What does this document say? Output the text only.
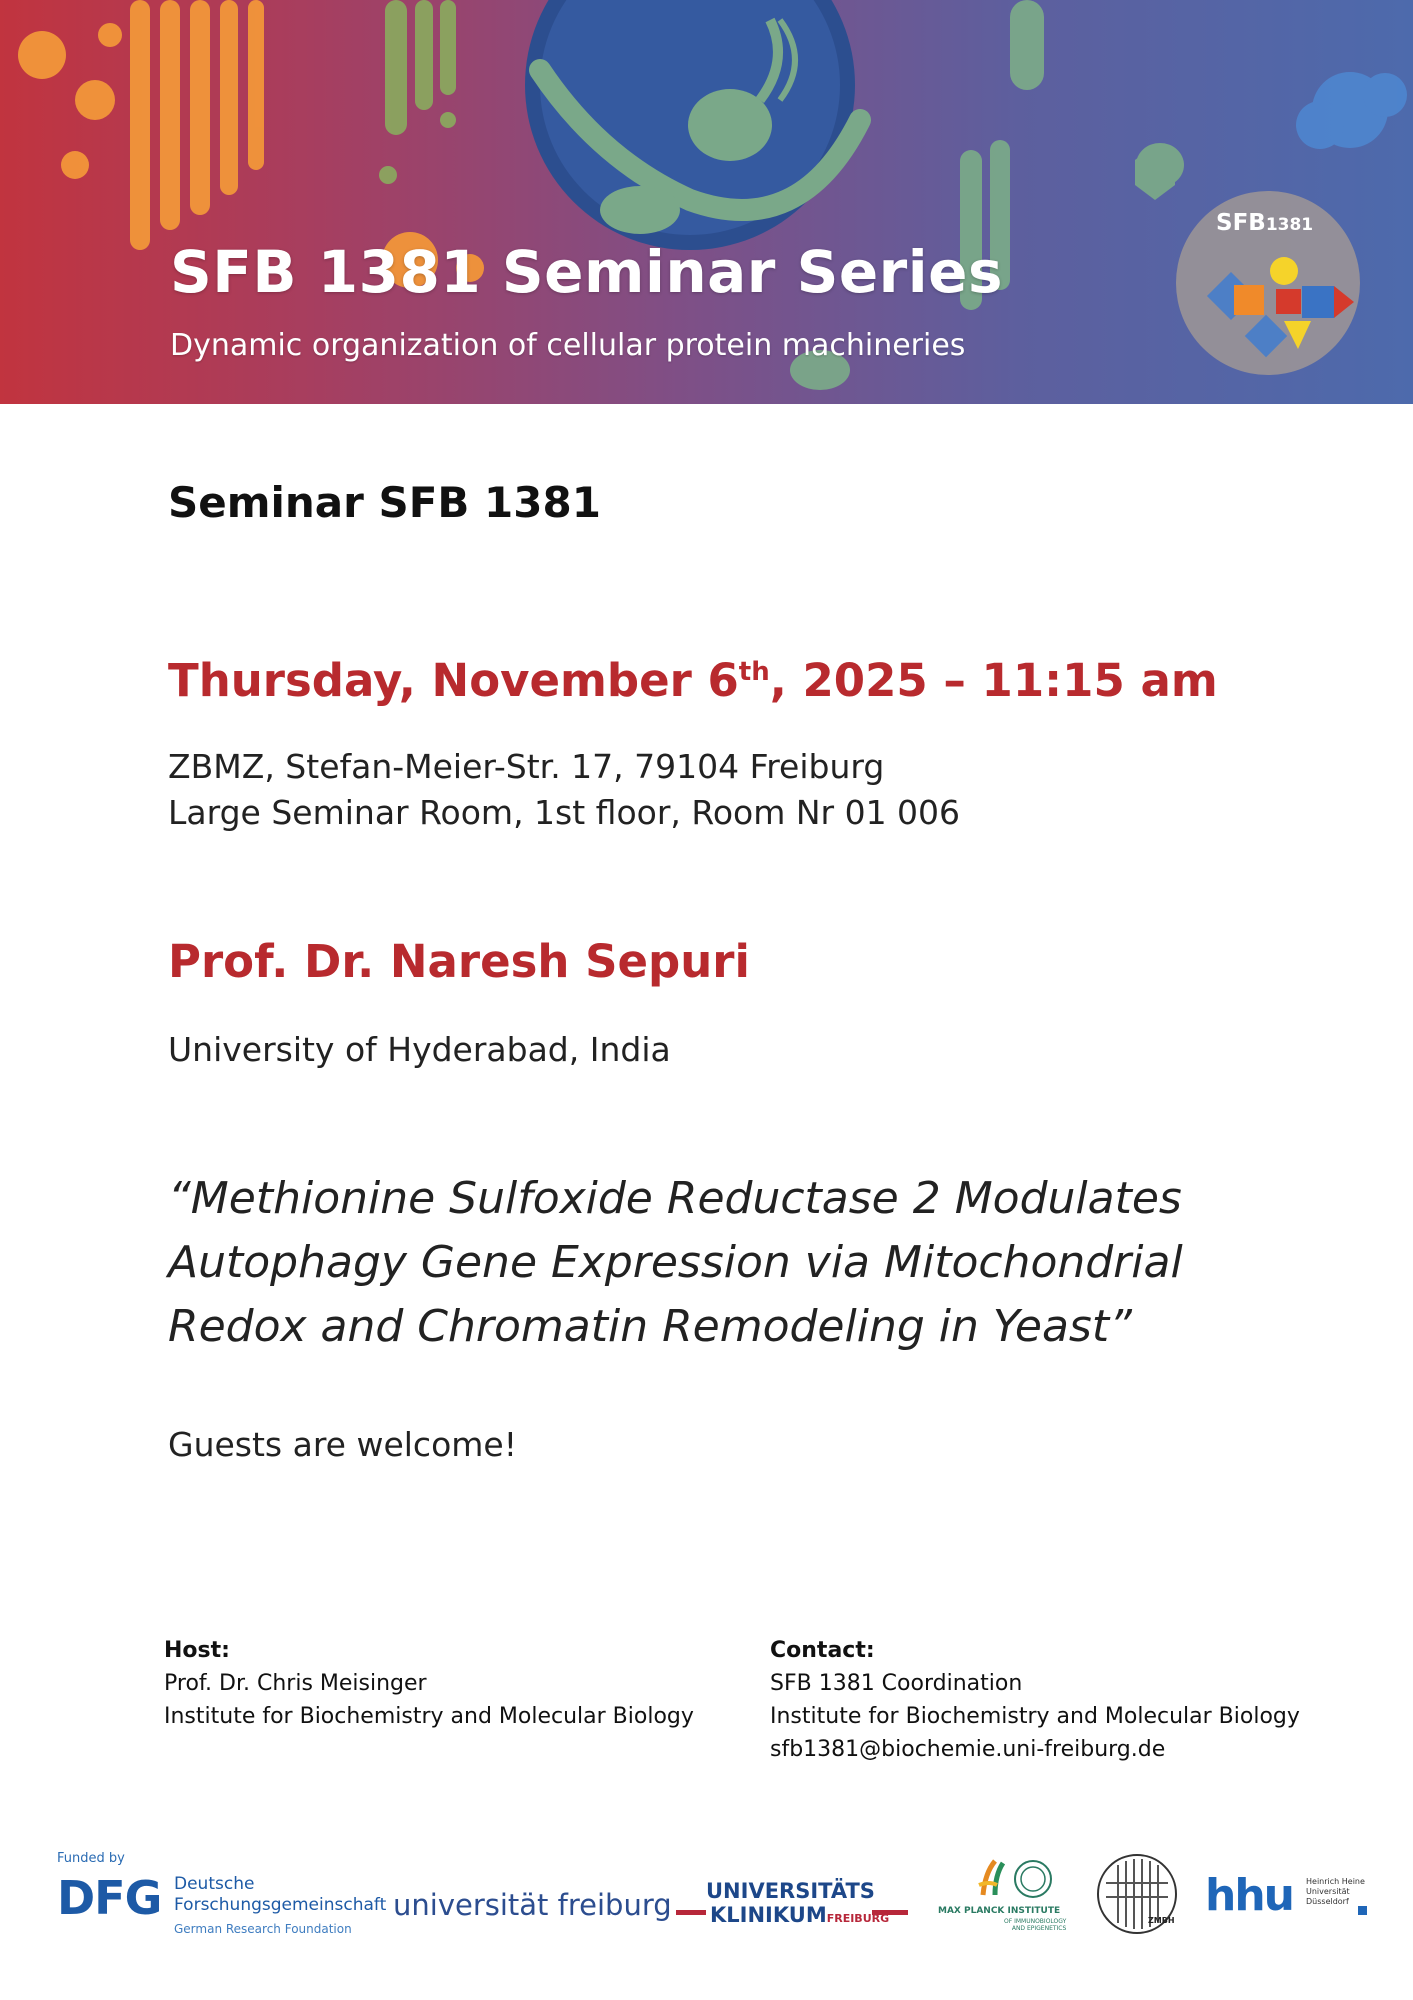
SFB 1381 Seminar Series
Dynamic organization of cellular protein machineries
SFB1381
Seminar SFB 1381
Thursday, November 6th, 2025 – 11:15 am
ZBMZ, Stefan-Meier-Str. 17, 79104 Freiburg
Large Seminar Room, 1st floor, Room Nr 01 006
Prof. Dr. Naresh Sepuri
University of Hyderabad, India
“Methionine Sulfoxide Reductase 2 Modulates
Autophagy Gene Expression via Mitochondrial
Redox and Chromatin Remodeling in Yeast”
Guests are welcome!
Host:
Prof. Dr. Chris Meisinger
Institute for Biochemistry and Molecular Biology
Contact:
SFB 1381 Coordination
Institute for Biochemistry and Molecular Biology
sfb1381@biochemie.uni-freiburg.de
Funded by
DFG Deutsche
Forschungsgemeinschaft
German Research Foundation
universität freiburg UNIVERSITÄTS
KLINIKUMFREIBURG
MAX PLANCK INSTITUTE
OF IMMUNOBIOLOGY
AND EPIGENETICS
ZMBH hhu Heinrich Heine
Universität
Düsseldorf
